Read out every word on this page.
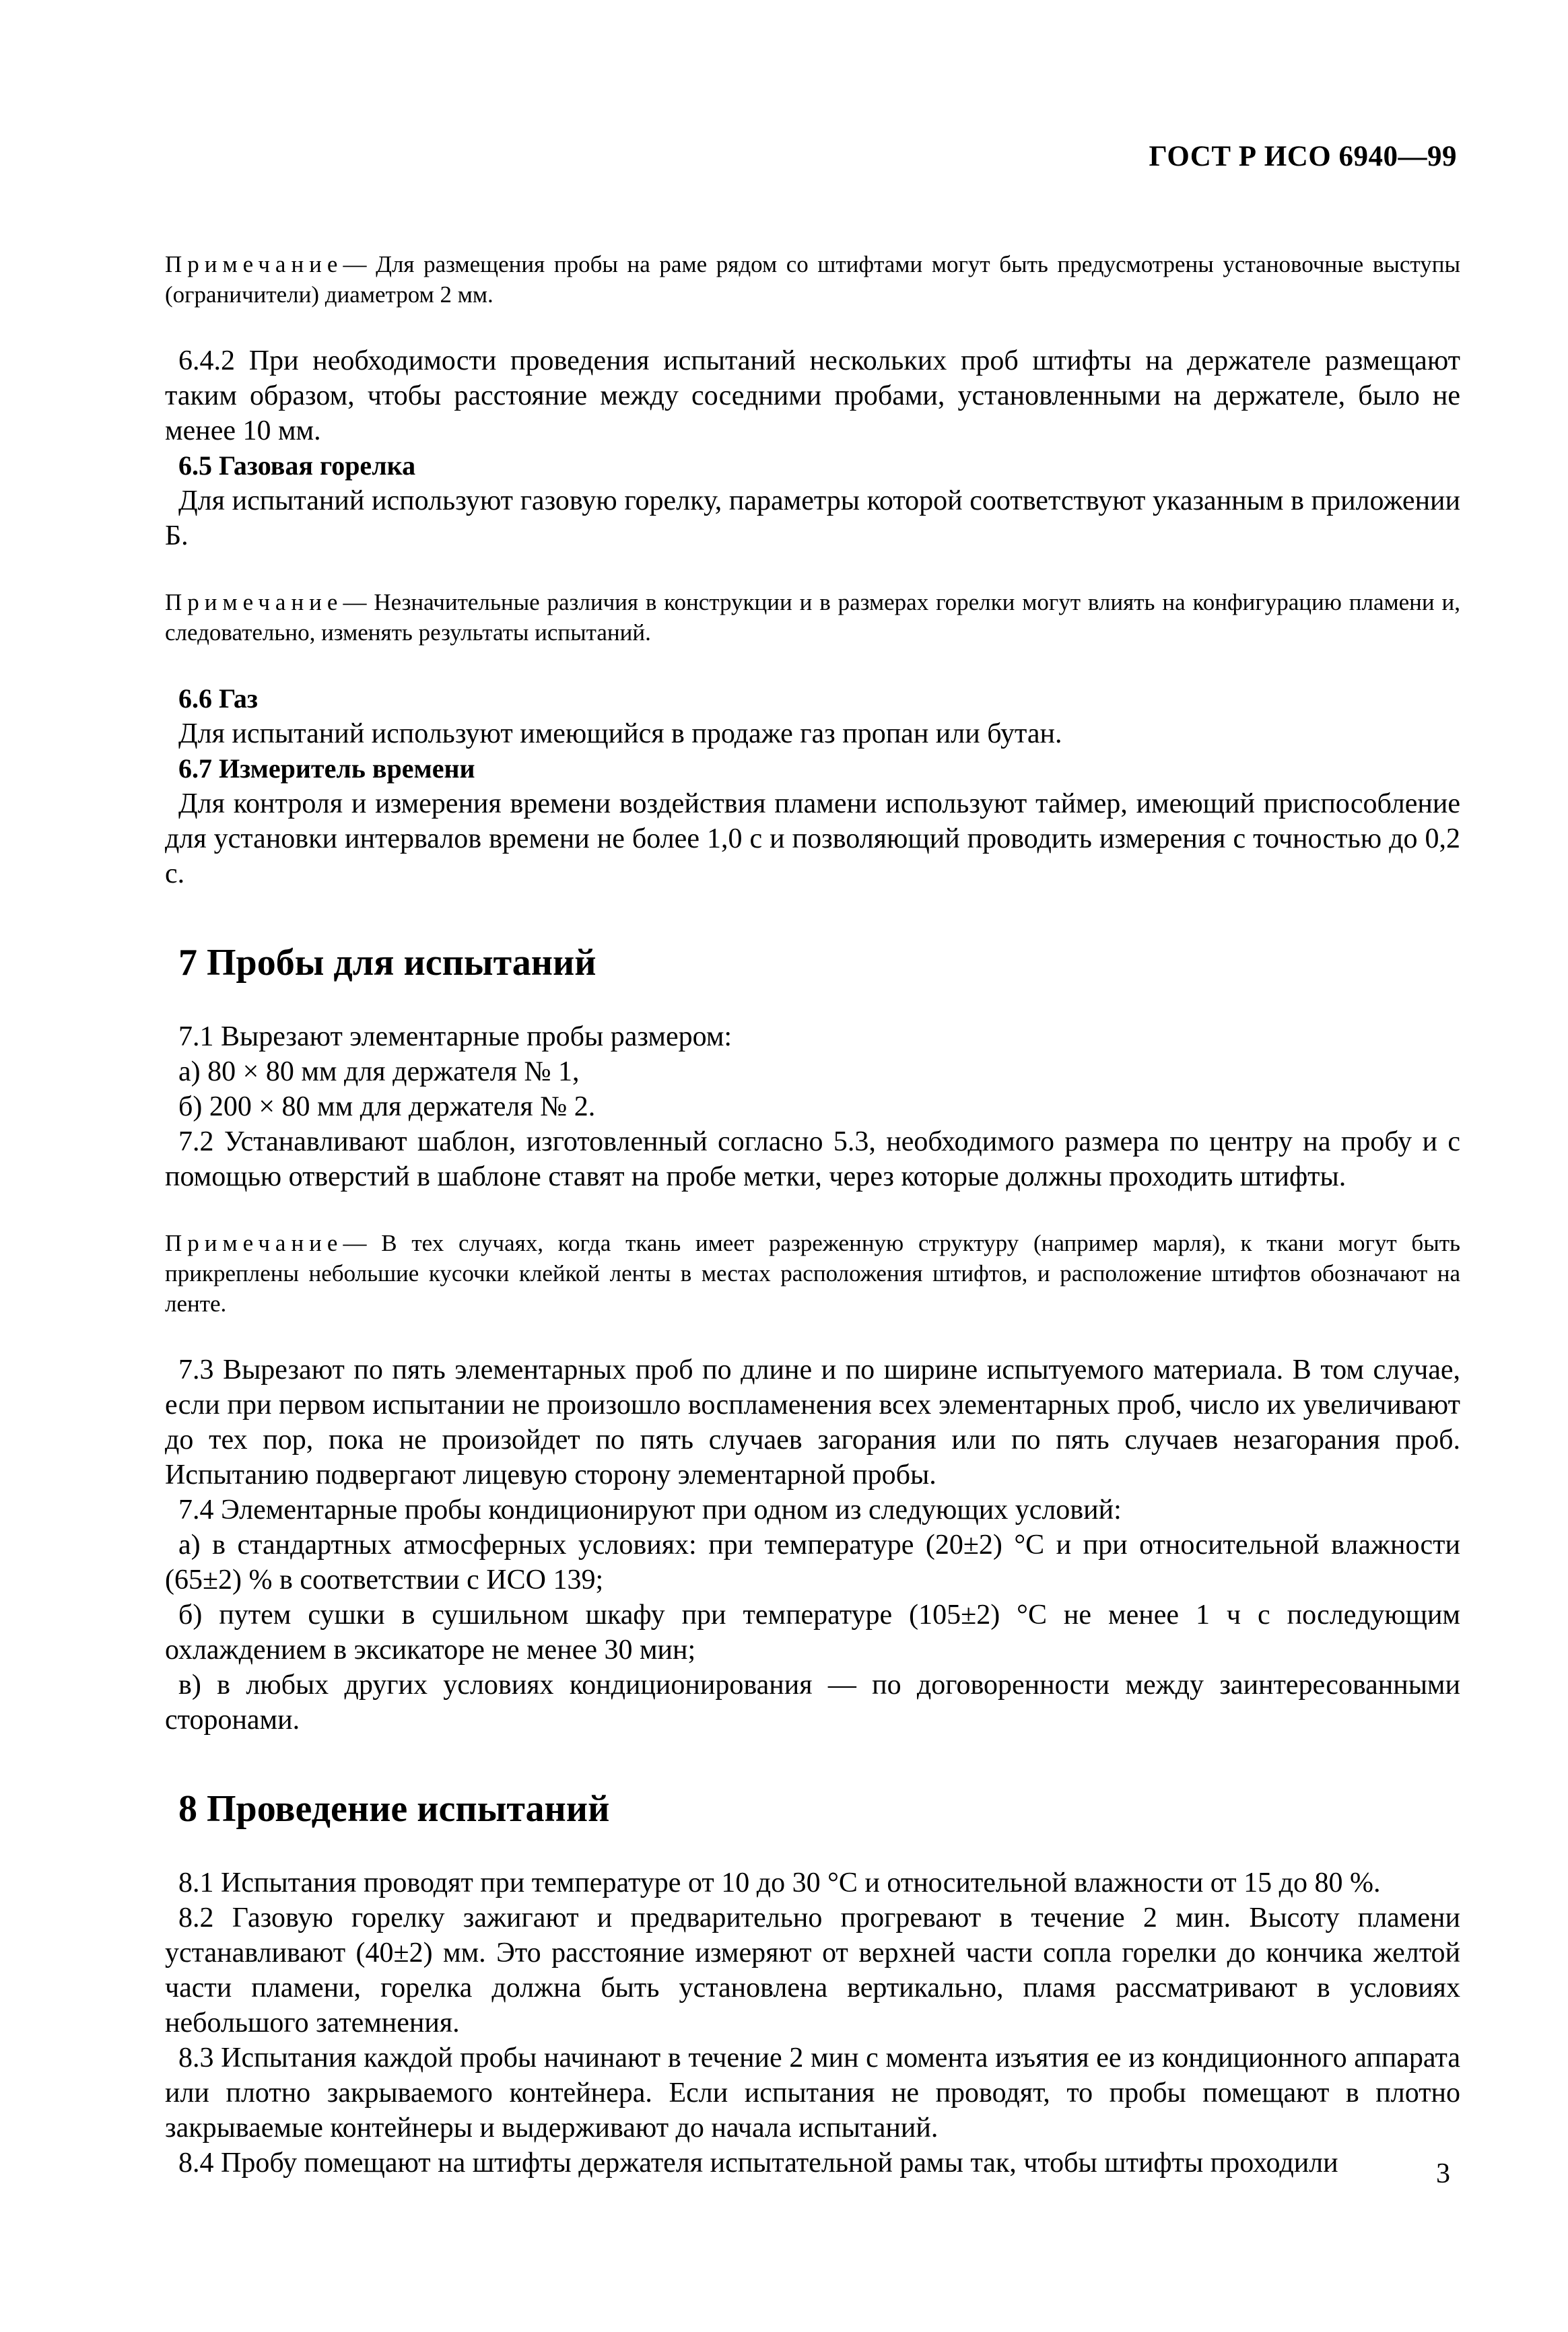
ГОСТ Р ИСО 6940—99

Примечание— Для размещения пробы на раме рядом со штифтами могут быть предусмотрены установочные выступы (ограничители) диаметром 2 мм.

6.4.2 При необходимости проведения испытаний нескольких проб штифты на держателе размещают таким образом, чтобы расстояние между соседними пробами, установленными на держателе, было не менее 10 мм.

6.5 Газовая горелка

Для испытаний используют газовую горелку, параметры которой соответствуют указанным в приложении Б.

Примечание— Незначительные различия в конструкции и в размерах горелки могут влиять на конфигурацию пламени и, следовательно, изменять результаты испытаний.

6.6 Газ

Для испытаний используют имеющийся в продаже газ пропан или бутан.

6.7 Измеритель времени

Для контроля и измерения времени воздействия пламени используют таймер, имеющий приспособление для установки интервалов времени не более 1,0 с и позволяющий проводить измерения с точностью до 0,2 с.

7 Пробы для испытаний

7.1 Вырезают элементарные пробы размером:

а) 80 × 80 мм для держателя № 1,

б) 200 × 80 мм для держателя № 2.

7.2 Устанавливают шаблон, изготовленный согласно 5.3, необходимого размера по центру на пробу и с помощью отверстий в шаблоне ставят на пробе метки, через которые должны проходить штифты.

Примечание— В тех случаях, когда ткань имеет разреженную структуру (например марля), к ткани могут быть прикреплены небольшие кусочки клейкой ленты в местах расположения штифтов, и расположение штифтов обозначают на ленте.

7.3 Вырезают по пять элементарных проб по длине и по ширине испытуемого материала. В том случае, если при первом испытании не произошло воспламенения всех элементарных проб, число их увеличивают до тех пор, пока не произойдет по пять случаев загорания или по пять случаев незагорания проб. Испытанию подвергают лицевую сторону элементарной пробы.

7.4 Элементарные пробы кондиционируют при одном из следующих условий:

а) в стандартных атмосферных условиях: при температуре (20±2) °С и при относительной влажности (65±2) % в соответствии с ИСО 139;

б) путем сушки в сушильном шкафу при температуре (105±2) °С не менее 1 ч с последующим охлаждением в эксикаторе не менее 30 мин;

в) в любых других условиях кондиционирования — по договоренности между заинтересованными сторонами.

8 Проведение испытаний

8.1 Испытания проводят при температуре от 10 до 30 °С и относительной влажности от 15 до 80 %.

8.2 Газовую горелку зажигают и предварительно прогревают в течение 2 мин. Высоту пламени устанавливают (40±2) мм. Это расстояние измеряют от верхней части сопла горелки до кончика желтой части пламени, горелка должна быть установлена вертикально, пламя рассматривают в условиях небольшого затемнения.

8.3 Испытания каждой пробы начинают в течение 2 мин с момента изъятия ее из кондиционного аппарата или плотно закрываемого контейнера. Если испытания не проводят, то пробы помещают в плотно закрываемые контейнеры и выдерживают до начала испытаний.

8.4 Пробу помещают на штифты держателя испытательной рамы так, чтобы штифты проходили	3
